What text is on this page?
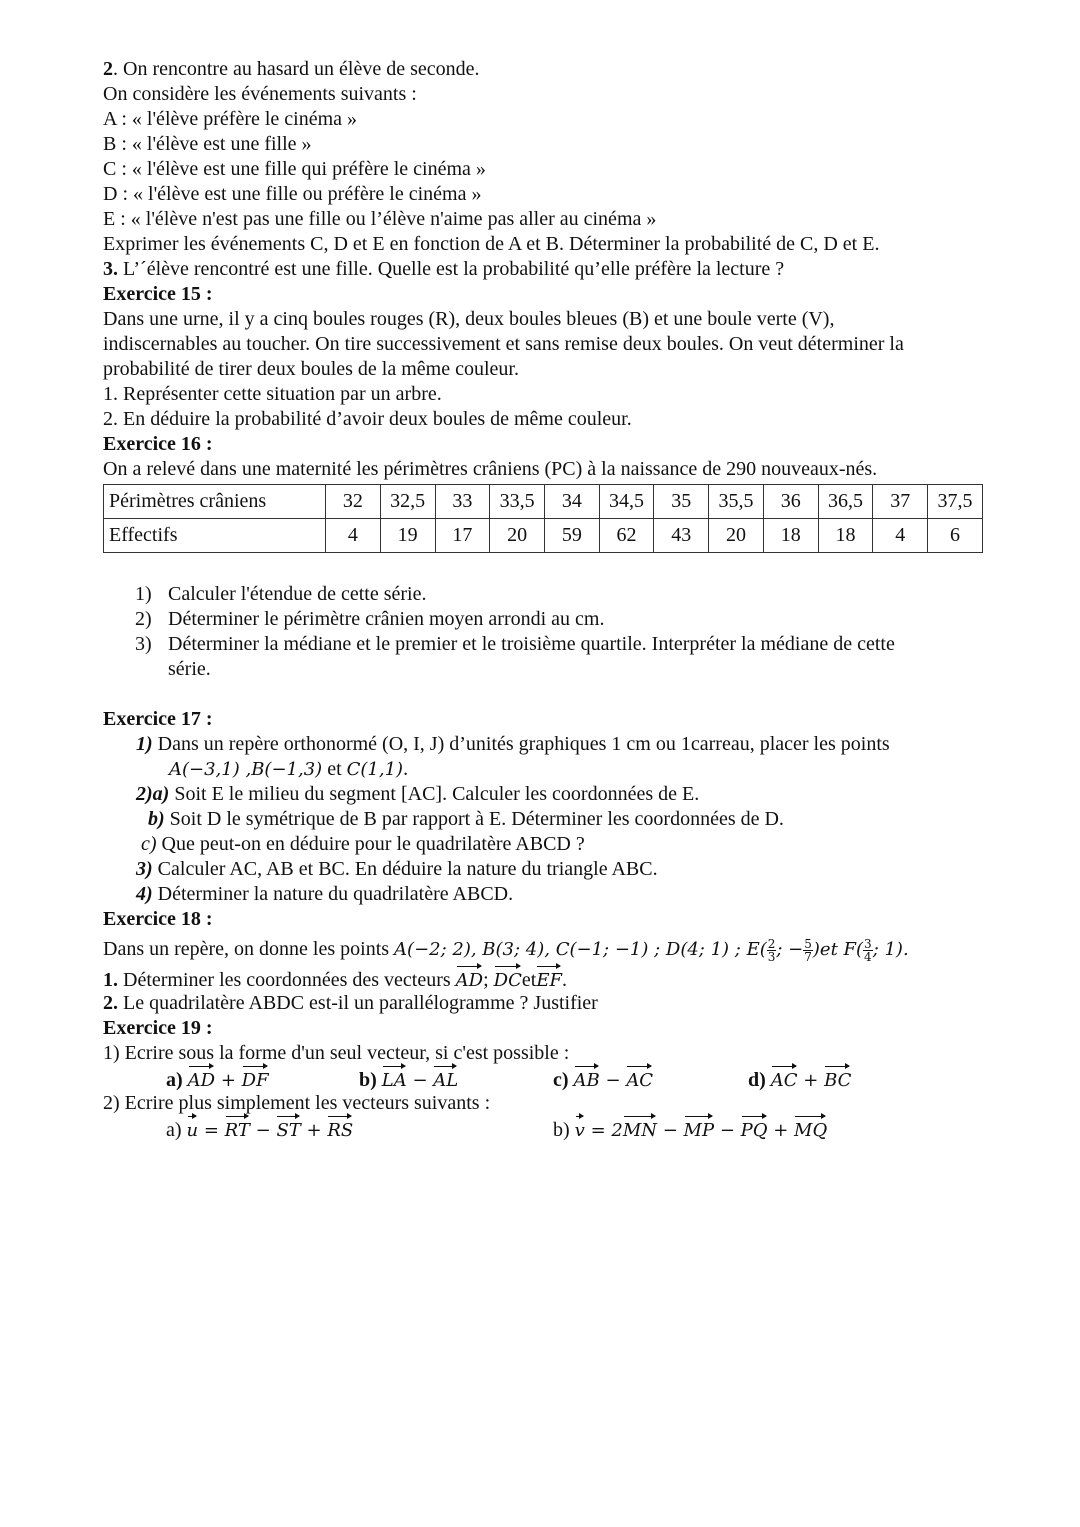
2. On rencontre au hasard un élève de seconde.
On considère les événements suivants :
A : « l'élève préfère le cinéma »
B : « l'élève est une fille »
C : « l'élève est une fille qui préfère le cinéma »
D : « l'élève est une fille ou préfère le cinéma »
E : « l'élève n'est pas une fille ou l’élève n'aime pas aller au cinéma »
Exprimer les événements C, D et E en fonction de A et B. Déterminer la probabilité de C, D et E.
3. L’´élève rencontré est une fille. Quelle est la probabilité qu’elle préfère la lecture ?
Exercice 15 :
Dans une urne, il y a cinq boules rouges (R), deux boules bleues (B) et une boule verte (V),
indiscernables au toucher. On tire successivement et sans remise deux boules. On veut déterminer la
probabilité de tirer deux boules de la même couleur.
1. Représenter cette situation par un arbre.
2. En déduire la probabilité d’avoir deux boules de même couleur.
Exercice 16 :
On a relevé dans une maternité les périmètres crâniens (PC) à la naissance de 290 nouveaux-nés.
Périmètres crâniens	32	32,5	33	33,5	34	34,5	35	35,5	36	36,5	37	37,5
Effectifs	4	19	17	20	59	62	43	20	18	18	4	6
1) Calculer l'étendue de cette série.
2) Déterminer le périmètre crânien moyen arrondi au cm.
3) Déterminer la médiane et le premier et le troisième quartile. Interpréter la médiane de cette
série.
Exercice 17 :
1) Dans un repère orthonormé (O, I, J) d’unités graphiques 1 cm ou 1carreau, placer les points
A(−3,1) ,B(−1,3) et C(1,1).
2)a) Soit E le milieu du segment [AC]. Calculer les coordonnées de E.
b) Soit D le symétrique de B par rapport à E. Déterminer les coordonnées de D.
c) Que peut-on en déduire pour le quadrilatère ABCD ?
3) Calculer AC, AB et BC. En déduire la nature du triangle ABC.
4) Déterminer la nature du quadrilatère ABCD.
Exercice 18 :
Dans un repère, on donne les points A(−2; 2), B(3; 4), C(−1; −1) ; D(4; 1) ; $E( \frac{2}{3}$ ; − $\frac{5}{7} )et$ $F( \frac{3}{4}$ ; 1).
1. Déterminer les coordonnées des vecteurs AD; DCetEF.
2. Le quadrilatère ABDC est-il un parallélogramme ? Justifier
Exercice 19 :
1) Ecrire sous la forme d'un seul vecteur, si c'est possible :
a) AD + DF	b) LA − AL	c) AB − AC	d) AC + BC
2) Ecrire plus simplement les vecteurs suivants :
a) u = RT − ST + RS	b) v = 2MN − MP − PQ + MQ
